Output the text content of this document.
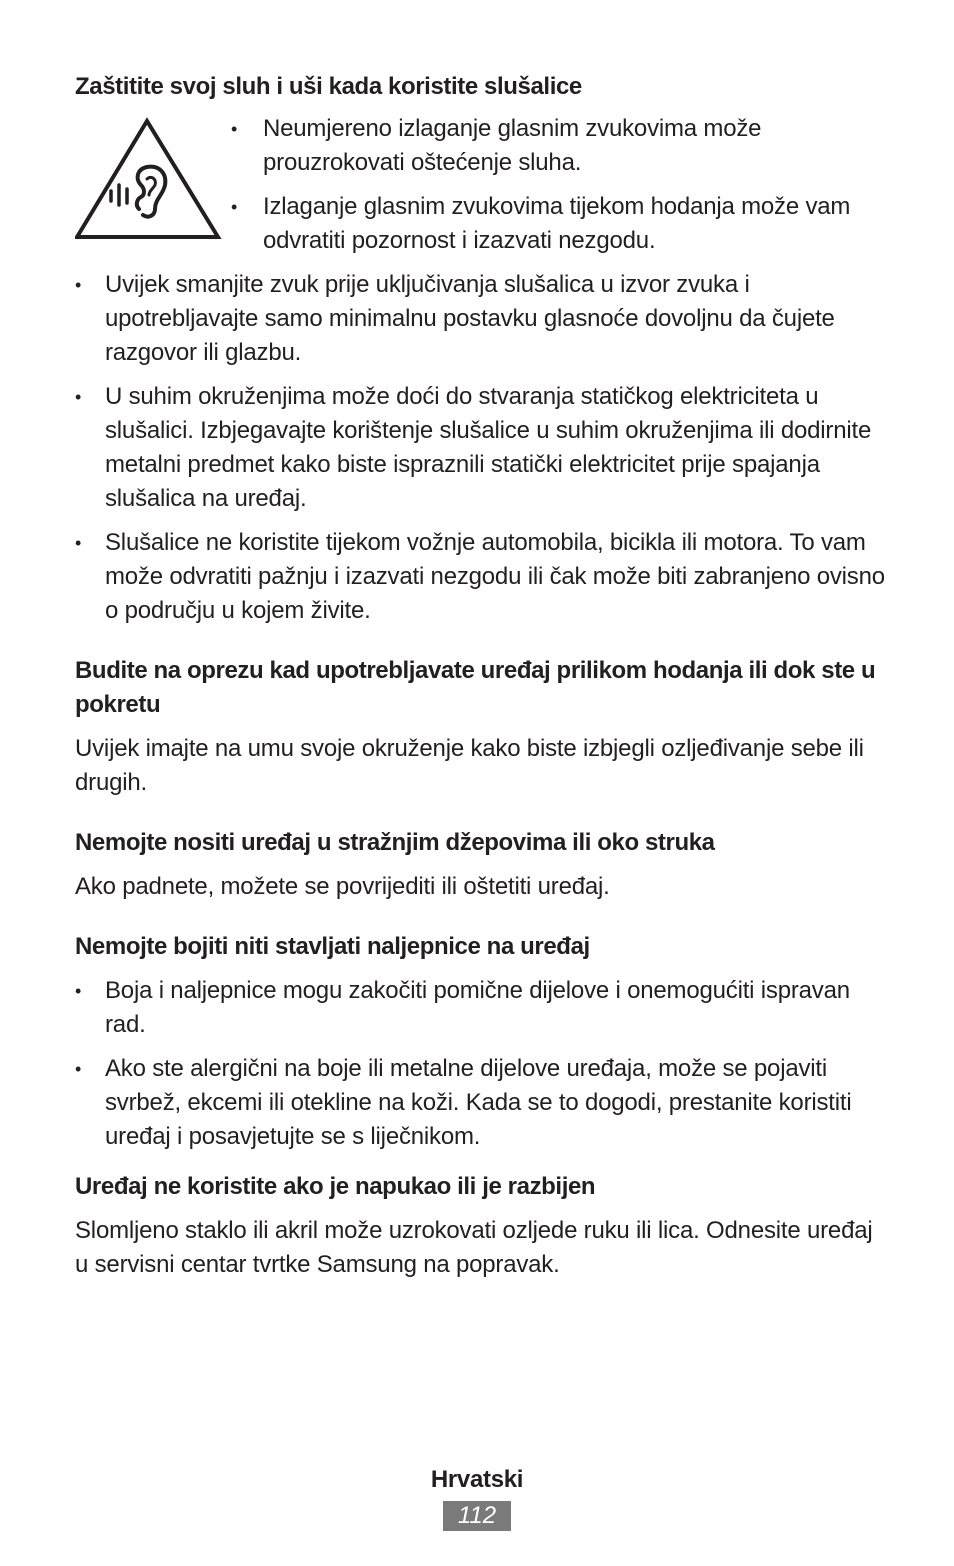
Zaštitite svoj sluh i uši kada koristite slušalice
• Neumjereno izlaganje glasnim zvukovima može prouzrokovati oštećenje sluha.
• Izlaganje glasnim zvukovima tijekom hodanja može vam odvratiti pozornost i izazvati nezgodu.
• Uvijek smanjite zvuk prije uključivanja slušalica u izvor zvuka i upotrebljavajte samo minimalnu postavku glasnoće dovoljnu da čujete razgovor ili glazbu.
• U suhim okruženjima može doći do stvaranja statičkog elektriciteta u slušalici. Izbjegavajte korištenje slušalice u suhim okruženjima ili dodirnite metalni predmet kako biste ispraznili statički elektricitet prije spajanja slušalica na uređaj.
• Slušalice ne koristite tijekom vožnje automobila, bicikla ili motora. To vam može odvratiti pažnju i izazvati nezgodu ili čak može biti zabranjeno ovisno o području u kojem živite.
Budite na oprezu kad upotrebljavate uređaj prilikom hodanja ili dok ste u pokretu

Uvijek imajte na umu svoje okruženje kako biste izbjegli ozljeđivanje sebe ili drugih.

Nemojte nositi uređaj u stražnjim džepovima ili oko struka

Ako padnete, možete se povrijediti ili oštetiti uređaj.

Nemojte bojiti niti stavljati naljepnice na uređaj
• Boja i naljepnice mogu zakočiti pomične dijelove i onemogućiti ispravan rad.
• Ako ste alergični na boje ili metalne dijelove uređaja, može se pojaviti svrbež, ekcemi ili otekline na koži. Kada se to dogodi, prestanite koristiti uređaj i posavjetujte se s liječnikom.
Uređaj ne koristite ako je napukao ili je razbijen

Slomljeno staklo ili akril može uzrokovati ozljede ruku ili lica. Odnesite uređaj u servisni centar tvrtke Samsung na popravak.

Hrvatski
112
